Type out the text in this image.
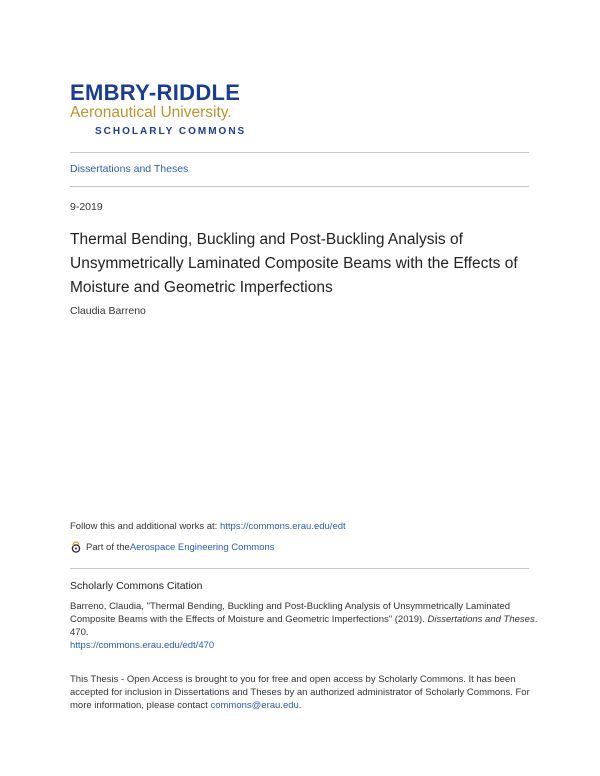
EMBRY-RIDDLE
Aeronautical University.
SCHOLARLY COMMONS
Dissertations and Theses
9-2019
Thermal Bending, Buckling and Post-Buckling Analysis of Unsymmetrically Laminated Composite Beams with the Effects of Moisture and Geometric Imperfections
Claudia Barreno
Follow this and additional works at: https://commons.erau.edu/edt
Part of the Aerospace Engineering Commons
Scholarly Commons Citation
Barreno, Claudia, "Thermal Bending, Buckling and Post-Buckling Analysis of Unsymmetrically Laminated Composite Beams with the Effects of Moisture and Geometric Imperfections" (2019). Dissertations and Theses. 470.
https://commons.erau.edu/edt/470
This Thesis - Open Access is brought to you for free and open access by Scholarly Commons. It has been accepted for inclusion in Dissertations and Theses by an authorized administrator of Scholarly Commons. For more information, please contact commons@erau.edu.
